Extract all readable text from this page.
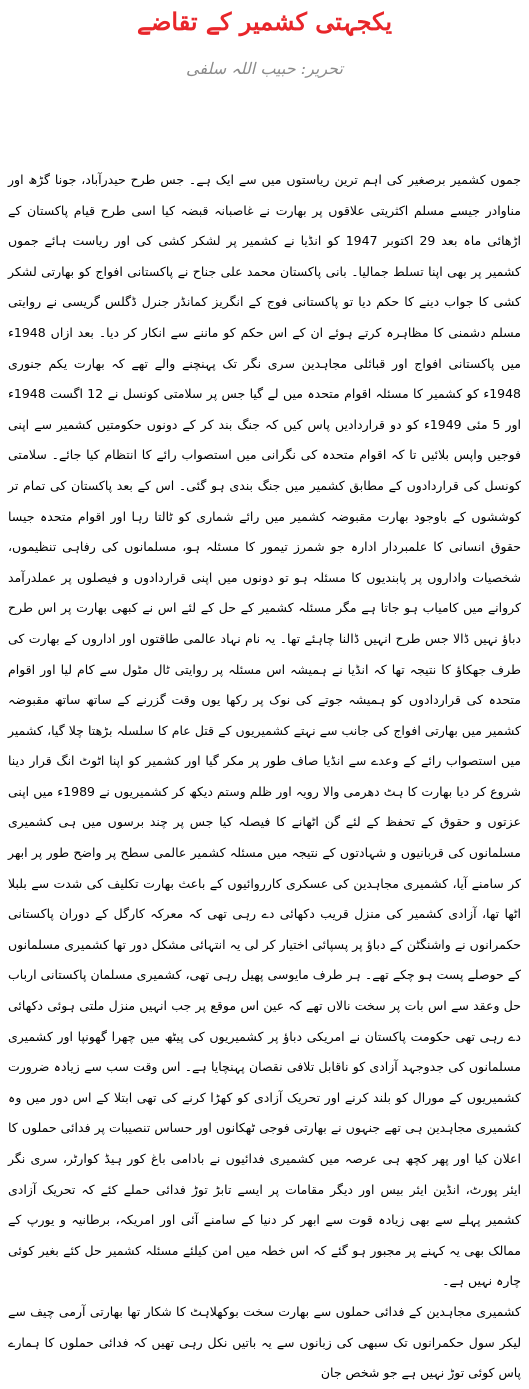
یکجہتی کشمیر کے تقاضے
تحریر: حبیب اللہ سلفی

جموں کشمیر برصغیر کی اہم ترین ریاستوں میں سے ایک ہے۔ جس طرح حیدرآباد، جونا گڑھ اور مناوادر جیسے مسلم اکثریتی علاقوں پر بھارت نے غاصبانہ قبضہ کیا اسی طرح قیام پاکستان کے اڑھائی ماہ بعد 29 اکتوبر 1947 کو انڈیا نے کشمیر پر لشکر کشی کی اور ریاست ہائے جموں کشمیر پر بھی اپنا تسلط جمالیا۔ بانی پاکستان محمد علی جناح نے پاکستانی افواج کو بھارتی لشکر کشی کا جواب دینے کا حکم دیا تو پاکستانی فوج کے انگریز کمانڈر جنرل ڈگلس گریسی نے روایتی مسلم دشمنی کا مظاہرہ کرتے ہوئے ان کے اس حکم کو ماننے سے انکار کر دیا۔ بعد ازاں 1948ء میں پاکستانی افواج اور قبائلی مجاہدین سری نگر تک پہنچنے والے تھے کہ بھارت یکم جنوری 1948ء کو کشمیر کا مسئلہ اقوام متحدہ میں لے گیا جس پر سلامتی کونسل نے 12 اگست 1948ء اور 5 مئی 1949ء کو دو قراردادیں پاس کیں کہ جنگ بند کر کے دونوں حکومتیں کشمیر سے اپنی فوجیں واپس بلائیں تا کہ اقوام متحدہ کی نگرانی میں استصواب رائے کا انتظام کیا جائے۔ سلامتی کونسل کی قراردادوں کے مطابق کشمیر میں جنگ بندی ہو گئی۔ اس کے بعد پاکستان کی تمام تر کوششوں کے باوجود بھارت مقبوضہ کشمیر میں رائے شماری کو ٹالتا رہا اور اقوام متحدہ جیسا حقوق انسانی کا علمبردار ادارہ جو شمرز تیمور کا مسئلہ ہو، مسلمانوں کی رفاہی تنظیموں، شخصیات واداروں پر پابندیوں کا مسئلہ ہو تو دونوں میں اپنی قراردادوں و فیصلوں پر عملدرآمد کروانے میں کامیاب ہو جاتا ہے مگر مسئلہ کشمیر کے حل کے لئے اس نے کبھی بھارت پر اس طرح دباؤ نہیں ڈالا جس طرح انہیں ڈالنا چاہئے تھا۔ یہ نام نہاد عالمی طاقتوں اور اداروں کے بھارت کی طرف جھکاؤ کا نتیجہ تھا کہ انڈیا نے ہمیشہ اس مسئلہ پر روایتی ٹال مٹول سے کام لیا اور اقوام متحدہ کی قراردادوں کو ہمیشہ جوتے کی نوک پر رکھا یوں وقت گزرنے کے ساتھ ساتھ مقبوضہ کشمیر میں بھارتی افواج کی جانب سے نہتے کشمیریوں کے قتل عام کا سلسلہ بڑھتا چلا گیا، کشمیر میں استصواب رائے کے وعدے سے انڈیا صاف طور پر مکر گیا اور کشمیر کو اپنا اٹوٹ انگ قرار دینا شروع کر دیا بھارت کا ہٹ دھرمی والا رویہ اور ظلم وستم دیکھ کر کشمیریوں نے 1989ء میں اپنی عزتوں و حقوق کے تحفظ کے لئے گن اٹھانے کا فیصلہ کیا جس پر چند برسوں میں ہی کشمیری مسلمانوں کی قربانیوں و شہادتوں کے نتیجہ میں مسئلہ کشمیر عالمی سطح پر واضح طور پر ابھر کر سامنے آیا، کشمیری مجاہدین کی عسکری کارروائیوں کے باعث بھارت تکلیف کی شدت سے بلبلا اٹھا تھا، آزادی کشمیر کی منزل قریب دکھائی دے رہی تھی کہ معرکہ کارگل کے دوران پاکستانی حکمرانوں نے واشنگٹن کے دباؤ پر پسپائی اختیار کر لی یہ انتہائی مشکل دور تھا کشمیری مسلمانوں کے حوصلے پست ہو چکے تھے۔ ہر طرف مایوسی پھیل رہی تھی، کشمیری مسلمان پاکستانی ارباب حل وعقد سے اس بات پر سخت نالاں تھے کہ عین اس موقع پر جب انہیں منزل ملتی ہوئی دکھائی دے رہی تھی حکومت پاکستان نے امریکی دباؤ پر کشمیریوں کی پیٹھ میں چھرا گھونپا اور کشمیری مسلمانوں کی جدوجہد آزادی کو ناقابل تلافی نقصان پہنچایا ہے۔ اس وقت سب سے زیادہ ضرورت کشمیریوں کے مورال کو بلند کرنے اور تحریک آزادی کو کھڑا کرنے کی تھی ابتلا کے اس دور میں وہ کشمیری مجاہدین ہی تھے جنہوں نے بھارتی فوجی ٹھکانوں اور حساس تنصیبات پر فدائی حملوں کا اعلان کیا اور پھر کچھ ہی عرصہ میں کشمیری فدائیوں نے بادامی باغ کور ہیڈ کوارٹر، سری نگر ایئر پورٹ، انڈین ایئر بیس اور دیگر مقامات پر ایسے تابڑ توڑ فدائی حملے کئے کہ تحریک آزادی کشمیر پہلے سے بھی زیادہ قوت سے ابھر کر دنیا کے سامنے آئی اور امریکہ، برطانیہ و یورپ کے ممالک بھی یہ کہنے پر مجبور ہو گئے کہ اس خطہ میں امن کیلئے مسئلہ کشمیر حل کئے بغیر کوئی چارہ نہیں ہے۔

کشمیری مجاہدین کے فدائی حملوں سے بھارت سخت بوکھلاہٹ کا شکار تھا بھارتی آرمی چیف سے لیکر سول حکمرانوں تک سبھی کی زبانوں سے یہ باتیں نکل رہی تھیں کہ فدائی حملوں کا ہمارے پاس کوئی توڑ نہیں ہے جو شخص جان
